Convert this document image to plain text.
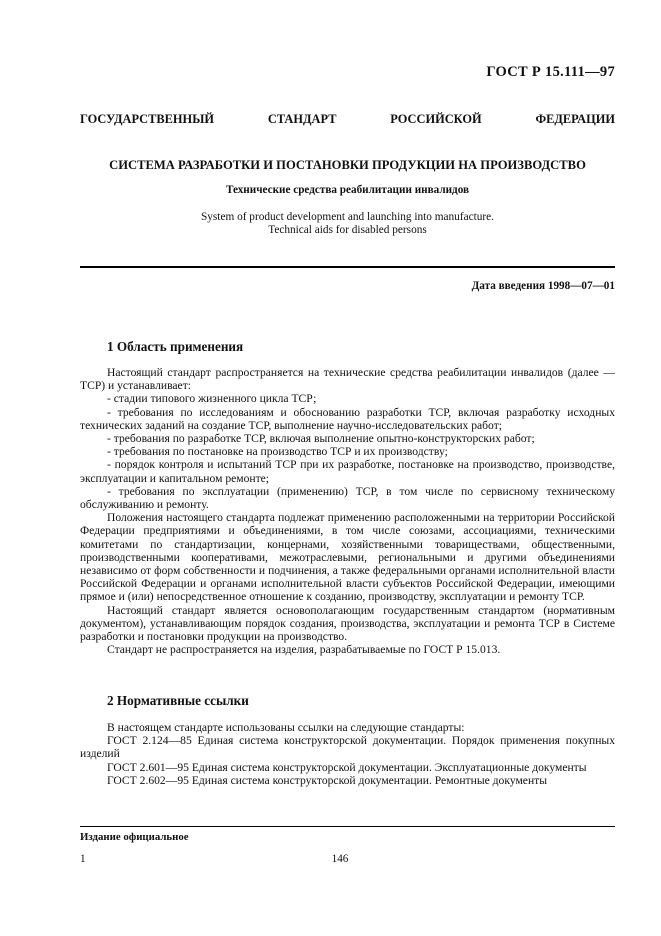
ГОСТ Р 15.111—97
ГОСУДАРСТВЕННЫЙ СТАНДАРТ РОССИЙСКОЙ ФЕДЕРАЦИИ
СИСТЕМА РАЗРАБОТКИ И ПОСТАНОВКИ ПРОДУКЦИИ НА ПРОИЗВОДСТВО
Технические средства реабилитации инвалидов
System of product development and launching into manufacture.
Technical aids for disabled persons
Дата введения 1998—07—01
1 Область применения

Настоящий стандарт распространяется на технические средства реабилитации инвалидов (далее — ТСР) и устанавливает:

- стадии типового жизненного цикла ТСР;

- требования по исследованиям и обоснованию разработки ТСР, включая разработку исходных технических заданий на создание ТСР, выполнение научно-исследовательских работ;

- требования по разработке ТСР, включая выполнение опытно-конструкторских работ;

- требования по постановке на производство ТСР и их производству;

- порядок контроля и испытаний ТСР при их разработке, постановке на производство, производстве, эксплуатации и капитальном ремонте;

- требования по эксплуатации (применению) ТСР, в том числе по сервисному техническому обслуживанию и ремонту.

Положения настоящего стандарта подлежат применению расположенными на территории Российской Федерации предприятиями и объединениями, в том числе союзами, ассоциациями, техническими комитетами по стандартизации, концернами, хозяйственными товариществами, общественными, производственными кооперативами, межотраслевыми, региональными и другими объединениями независимо от форм собственности и подчинения, а также федеральными органами исполнительной власти Российской Федерации и органами исполнительной власти субъектов Российской Федерации, имеющими прямое и (или) непосредственное отношение к созданию, производству, эксплуатации и ремонту ТСР.

Настоящий стандарт является основополагающим государственным стандартом (нормативным документом), устанавливающим порядок создания, производства, эксплуатации и ремонта ТСР в Системе разработки и постановки продукции на производство.

Стандарт не распространяется на изделия, разрабатываемые по ГОСТ Р 15.013.

2 Нормативные ссылки

В настоящем стандарте использованы ссылки на следующие стандарты:

ГОСТ 2.124—85 Единая система конструкторской документации. Порядок применения покупных изделий

ГОСТ 2.601—95 Единая система конструкторской документации. Эксплуатационные документы

ГОСТ 2.602—95 Единая система конструкторской документации. Ремонтные документы

Издание официальное
1	146
